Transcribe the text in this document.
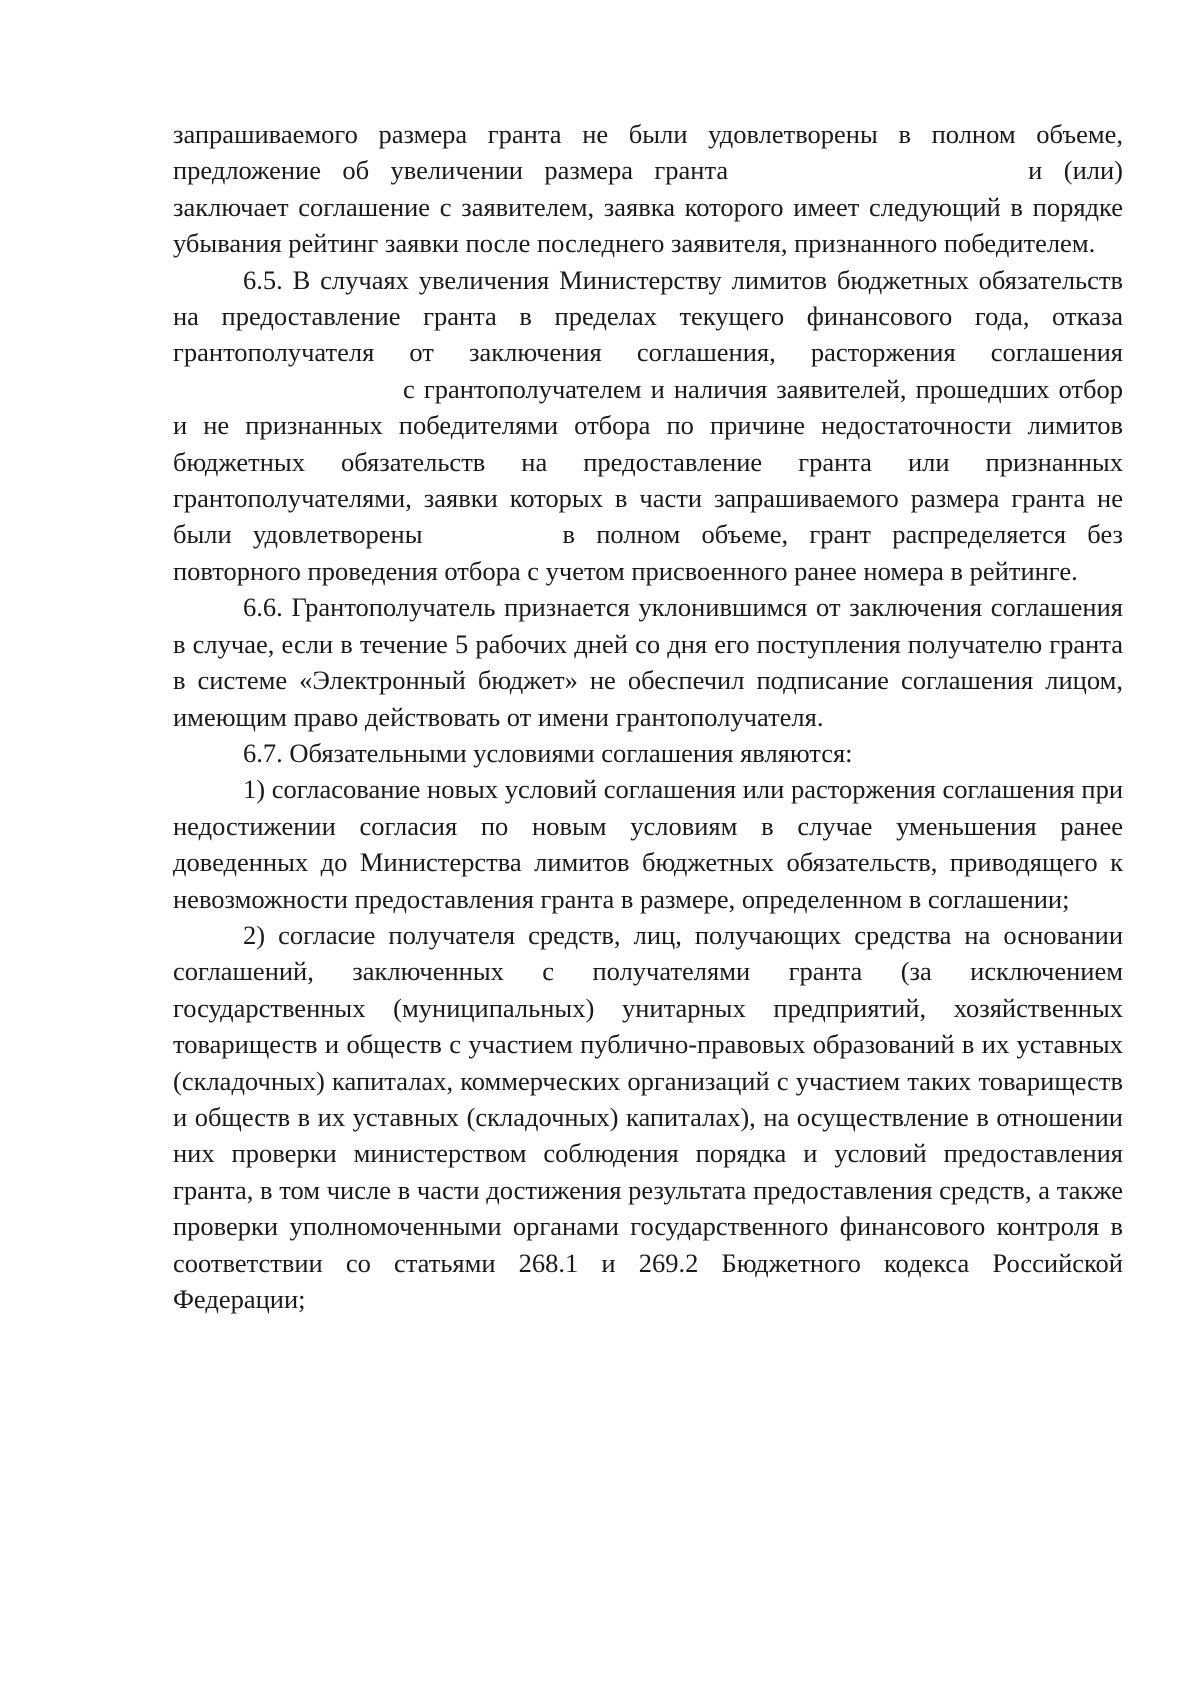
запрашиваемого размера гранта не были удовлетворены в полном объеме, предложение об увеличении размера гранта	и (или) заключает соглашение с заявителем, заявка которого имеет следующий в порядке убывания рейтинг заявки после последнего заявителя, признанного победителем.

6.5. В случаях увеличения Министерству лимитов бюджетных обязательств на предоставление гранта в пределах текущего финансового года, отказа грантополучателя от заключения соглашения, расторжения соглашенияс грантополучателем и наличия заявителей, прошедших отбор и не признанных победителями отбора по причине недостаточности лимитов бюджетных обязательств на предоставление гранта или признанных грантополучателями, заявки которых в части запрашиваемого размера гранта не были удовлетворены	в полном объеме, грант распределяется без повторного проведения отбора с учетом присвоенного ранее номера в рейтинге.

6.6. Грантополучатель признается уклонившимся от заключения соглашения в случае, если в течение 5 рабочих дней со дня его поступления получателю гранта в системе «Электронный бюджет» не обеспечил подписание соглашения лицом, имеющим право действовать от имени грантополучателя.

6.7. Обязательными условиями соглашения являются:

1) согласование новых условий соглашения или расторжения соглашения при недостижении согласия по новым условиям в случае уменьшения ранее доведенных до Министерства лимитов бюджетных обязательств, приводящего к невозможности предоставления гранта в размере, определенном в соглашении;

2) согласие получателя средств, лиц, получающих средства на основании соглашений, заключенных с получателями гранта (за исключением государственных (муниципальных) унитарных предприятий, хозяйственных товариществ и обществ с участием публично-правовых образований в их уставных (складочных) капиталах, коммерческих организаций с участием таких товариществ и обществ в их уставных (складочных) капиталах), на осуществление в отношении них проверки министерством соблюдения порядка и условий предоставления гранта, в том числе в части достижения результата предоставления средств, а также проверки уполномоченными органами государственного финансового контроля в соответствии со статьями 268.1 и 269.2 Бюджетного кодекса Российской Федерации;
